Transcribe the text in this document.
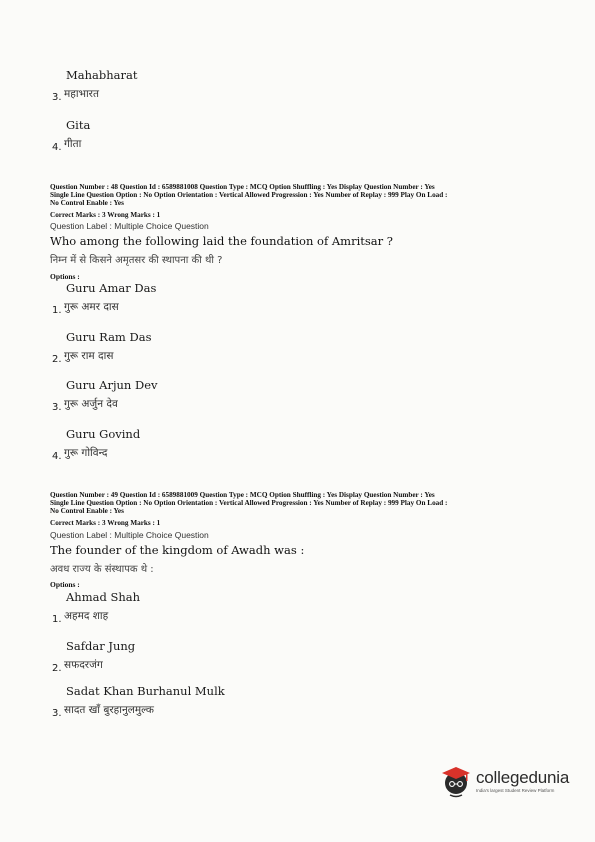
Mahabharat
3. महाभारत
Gita
4. गीता
Question Number : 48 Question Id : 6589881008 Question Type : MCQ Option Shuffling : Yes Display Question Number : Yes
Single Line Question Option : No Option Orientation : Vertical Allowed Progression : Yes Number of Replay : 999 Play On Load :
No Control Enable : Yes
Correct Marks : 3 Wrong Marks : 1
Question Label : Multiple Choice Question
Who among the following laid the foundation of Amritsar ?
निम्न में से किसने अमृतसर की स्थापना की थी ?
Options :
Guru Amar Das
1. गुरू अमर दास
Guru Ram Das
2. गुरू राम दास
Guru Arjun Dev
3. गुरू अर्जुन देव
Guru Govind
4. गुरू गोविन्द
Question Number : 49 Question Id : 6589881009 Question Type : MCQ Option Shuffling : Yes Display Question Number : Yes
Single Line Question Option : No Option Orientation : Vertical Allowed Progression : Yes Number of Replay : 999 Play On Load :
No Control Enable : Yes
Correct Marks : 3 Wrong Marks : 1
Question Label : Multiple Choice Question
The founder of the kingdom of Awadh was :
अवध राज्य के संस्थापक थे :
Options :
Ahmad Shah
1. अहमद शाह
Safdar Jung
2. सफदरजंग
Sadat Khan Burhanul Mulk
3. सादत खाँ बुरहानुलमुल्क
collegedunia
India's largest Student Review Platform
